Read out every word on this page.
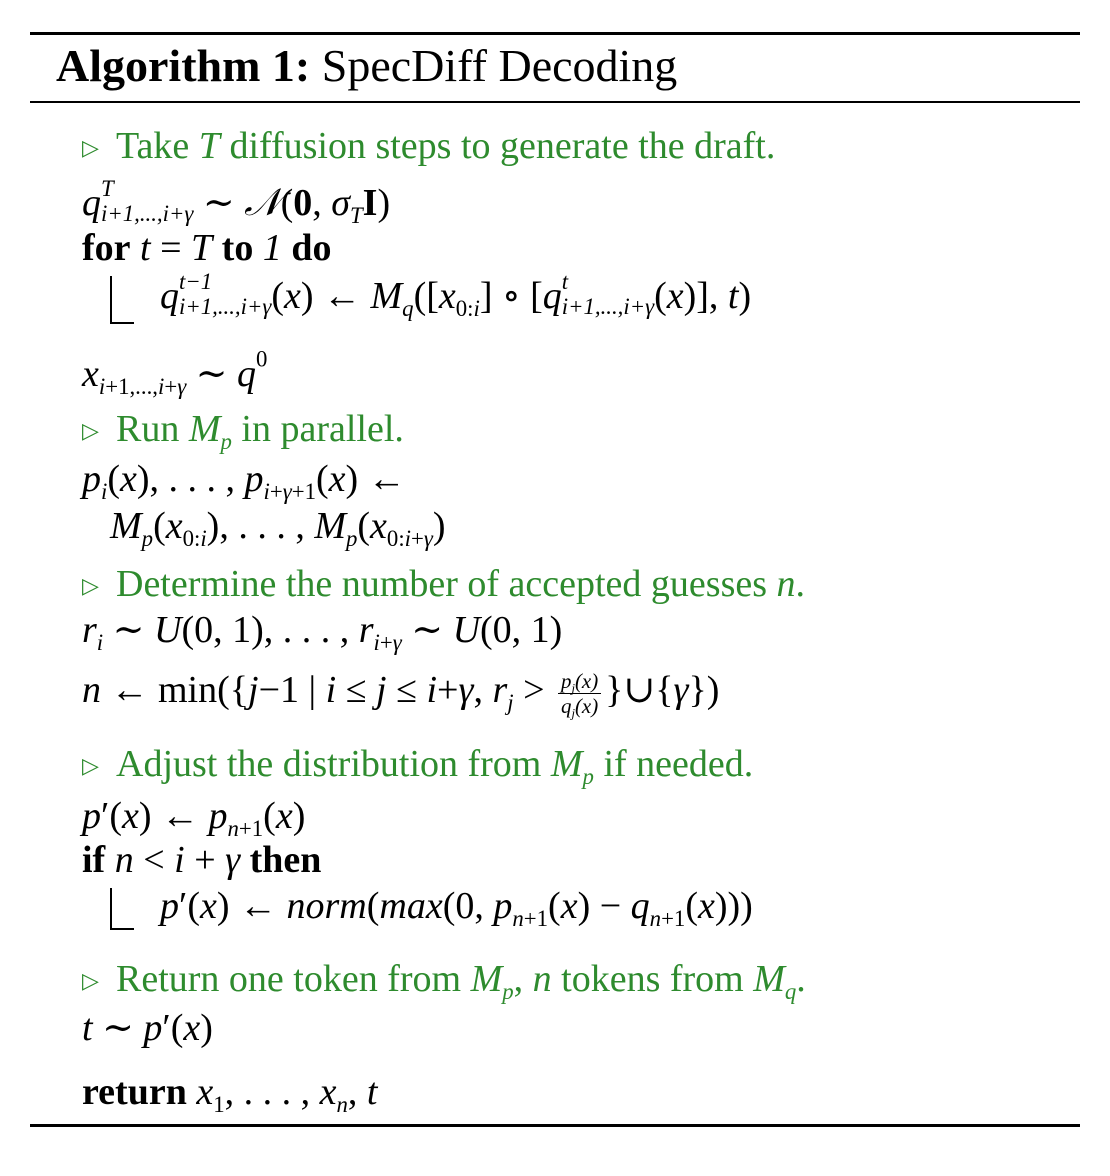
Algorithm 1: SpecDiff Decoding
▷ Take T diffusion steps to generate the draft.
q T
i+1,...,i+γ ∼ 𝒩(0, $\sigma_TI$)
for t = T to 1 do
q t−1
i+1,...,i+γ (x) ← $M_q([x_{0:i}]$ ∘ [q t
i+1,...,i+γ (x)], t)
$x_{i+1,...,i+\gamma}$ ∼ $q^0$
▷ Run $M_p$ in parallel.
$p_i(x)$, . . . , $p_{i+\gamma+1}(x)$ ←
$M_p(x_{0:i})$, . . . , $M_p(x_{0:i+\gamma})$
▷ Determine the number of accepted guesses n.
$r_i$ ∼ U(0, 1), . . . , $r_{i+\gamma}$ ∼ U(0, 1)
n ← min({j−1 | i ≤ j ≤ i+γ, $r_j > \frac{p_j(x)}{q_j(x)}$ }∪{γ})
▷ Adjust the distribution from $M_p$ if needed.
p′(x) ← $p_{n+1}(x)$
if n < i + γ then
p′(x) ← norm(max(0, $p_{n+1}(x) - q_{n+1}(x)$))
▷ Return one token from $M_p$, n tokens from $M_q$.
t ∼ p′(x)
return $x_1$, . . . , $x_n$, t
